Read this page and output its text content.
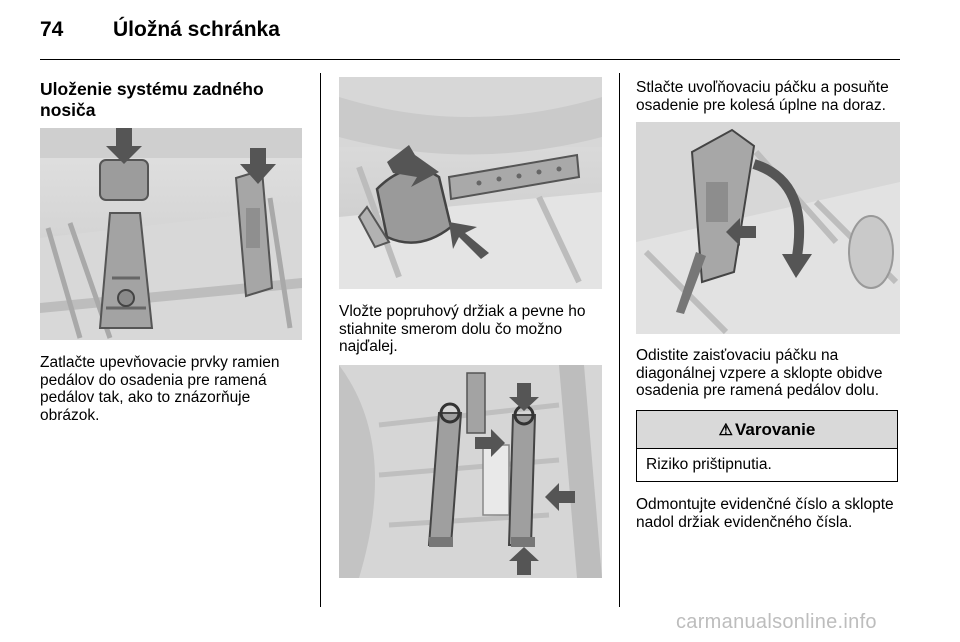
74 Úložná schránka
Uloženie systému zadného nosiča
Zatlačte upevňovacie prvky ramien pedálov do osadenia pre ramená pedálov tak, ako to znázorňuje obrázok.
Vložte popruhový držiak a pevne ho stiahnite smerom dolu čo možno najďalej.
Stlačte uvoľňovaciu páčku a posuňte osadenie pre kolesá úplne na doraz.
Odistite zaisťovaciu páčku na diagonálnej vzpere a sklopte obidve osadenia pre ramená pedálov dolu.
⚠ Varovanie
Riziko prištipnutia.
Odmontujte evidenčné číslo a sklopte nadol držiak evidenčného čísla.
carmanualsonline.info
